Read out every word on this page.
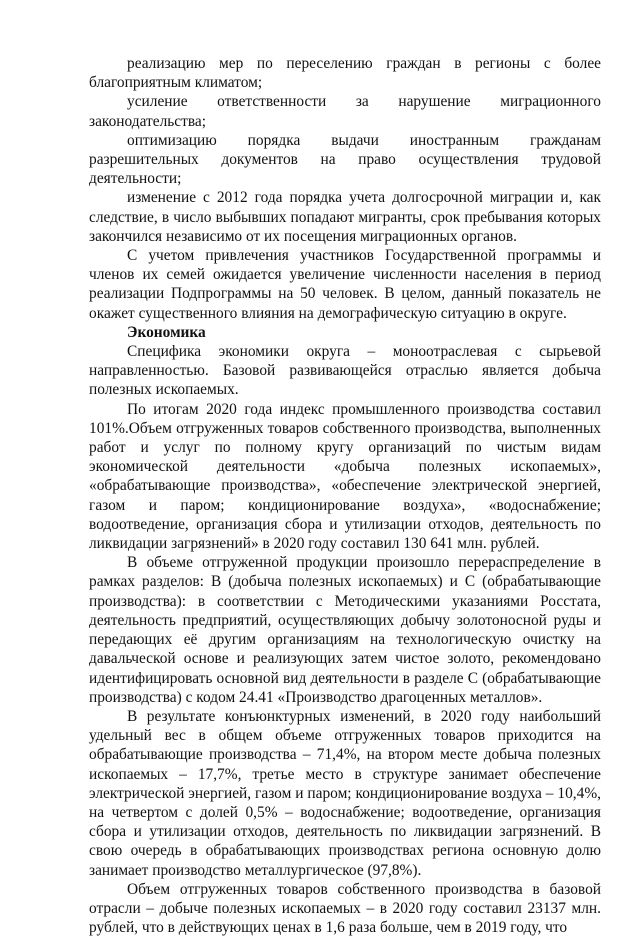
реализацию мер по переселению граждан в регионы с более благоприятным климатом;

усиление ответственности за нарушение миграционного законодательства;

оптимизацию порядка выдачи иностранным гражданам разрешительных документов на право осуществления трудовой деятельности;

изменение с 2012 года порядка учета долгосрочной миграции и, как следствие, в число выбывших попадают мигранты, срок пребывания которых закончился независимо от их посещения миграционных органов.

С учетом привлечения участников Государственной программы и членов их семей ожидается увеличение численности населения в период реализации Подпрограммы на 50 человек. В целом, данный показатель не окажет существенного влияния на демографическую ситуацию в округе.

Экономика

Специфика экономики округа – моноотраслевая с сырьевой направленностью. Базовой развивающейся отраслью является добыча полезных ископаемых.

По итогам 2020 года индекс промышленного производства составил 101%.Объем отгруженных товаров собственного производства, выполненных работ и услуг по полному кругу организаций по чистым видам экономической деятельности «добыча полезных ископаемых», «обрабатывающие производства», «обеспечение электрической энергией, газом и паром; кондиционирование воздуха», «водоснабжение; водоотведение, организация сбора и утилизации отходов, деятельность по ликвидации загрязнений» в 2020 году составил 130 641 млн. рублей.

В объеме отгруженной продукции произошло перераспределение в рамках разделов: В (добыча полезных ископаемых) и С (обрабатывающие производства): в соответствии с Методическими указаниями Росстата, деятельность предприятий, осуществляющих добычу золотоносной руды и передающих её другим организациям на технологическую очистку на давальческой основе и реализующих затем чистое золото, рекомендовано идентифицировать основной вид деятельности в разделе С (обрабатывающие производства) с кодом 24.41 «Производство драгоценных металлов».

В результате конъюнктурных изменений, в 2020 году наибольший удельный вес в общем объеме отгруженных товаров приходится на обрабатывающие производства – 71,4%, на втором месте добыча полезных ископаемых – 17,7%, третье место в структуре занимает обеспечение электрической энергией, газом и паром; кондиционирование воздуха – 10,4%, на четвертом с долей 0,5% – водоснабжение; водоотведение, организация сбора и утилизации отходов, деятельность по ликвидации загрязнений. В свою очередь в обрабатывающих производствах региона основную долю занимает производство металлургическое (97,8%).

Объем отгруженных товаров собственного производства в базовой отрасли – добыче полезных ископаемых – в 2020 году составил 23137 млн. рублей, что в действующих ценах в 1,6 раза больше, чем в 2019 году, что
